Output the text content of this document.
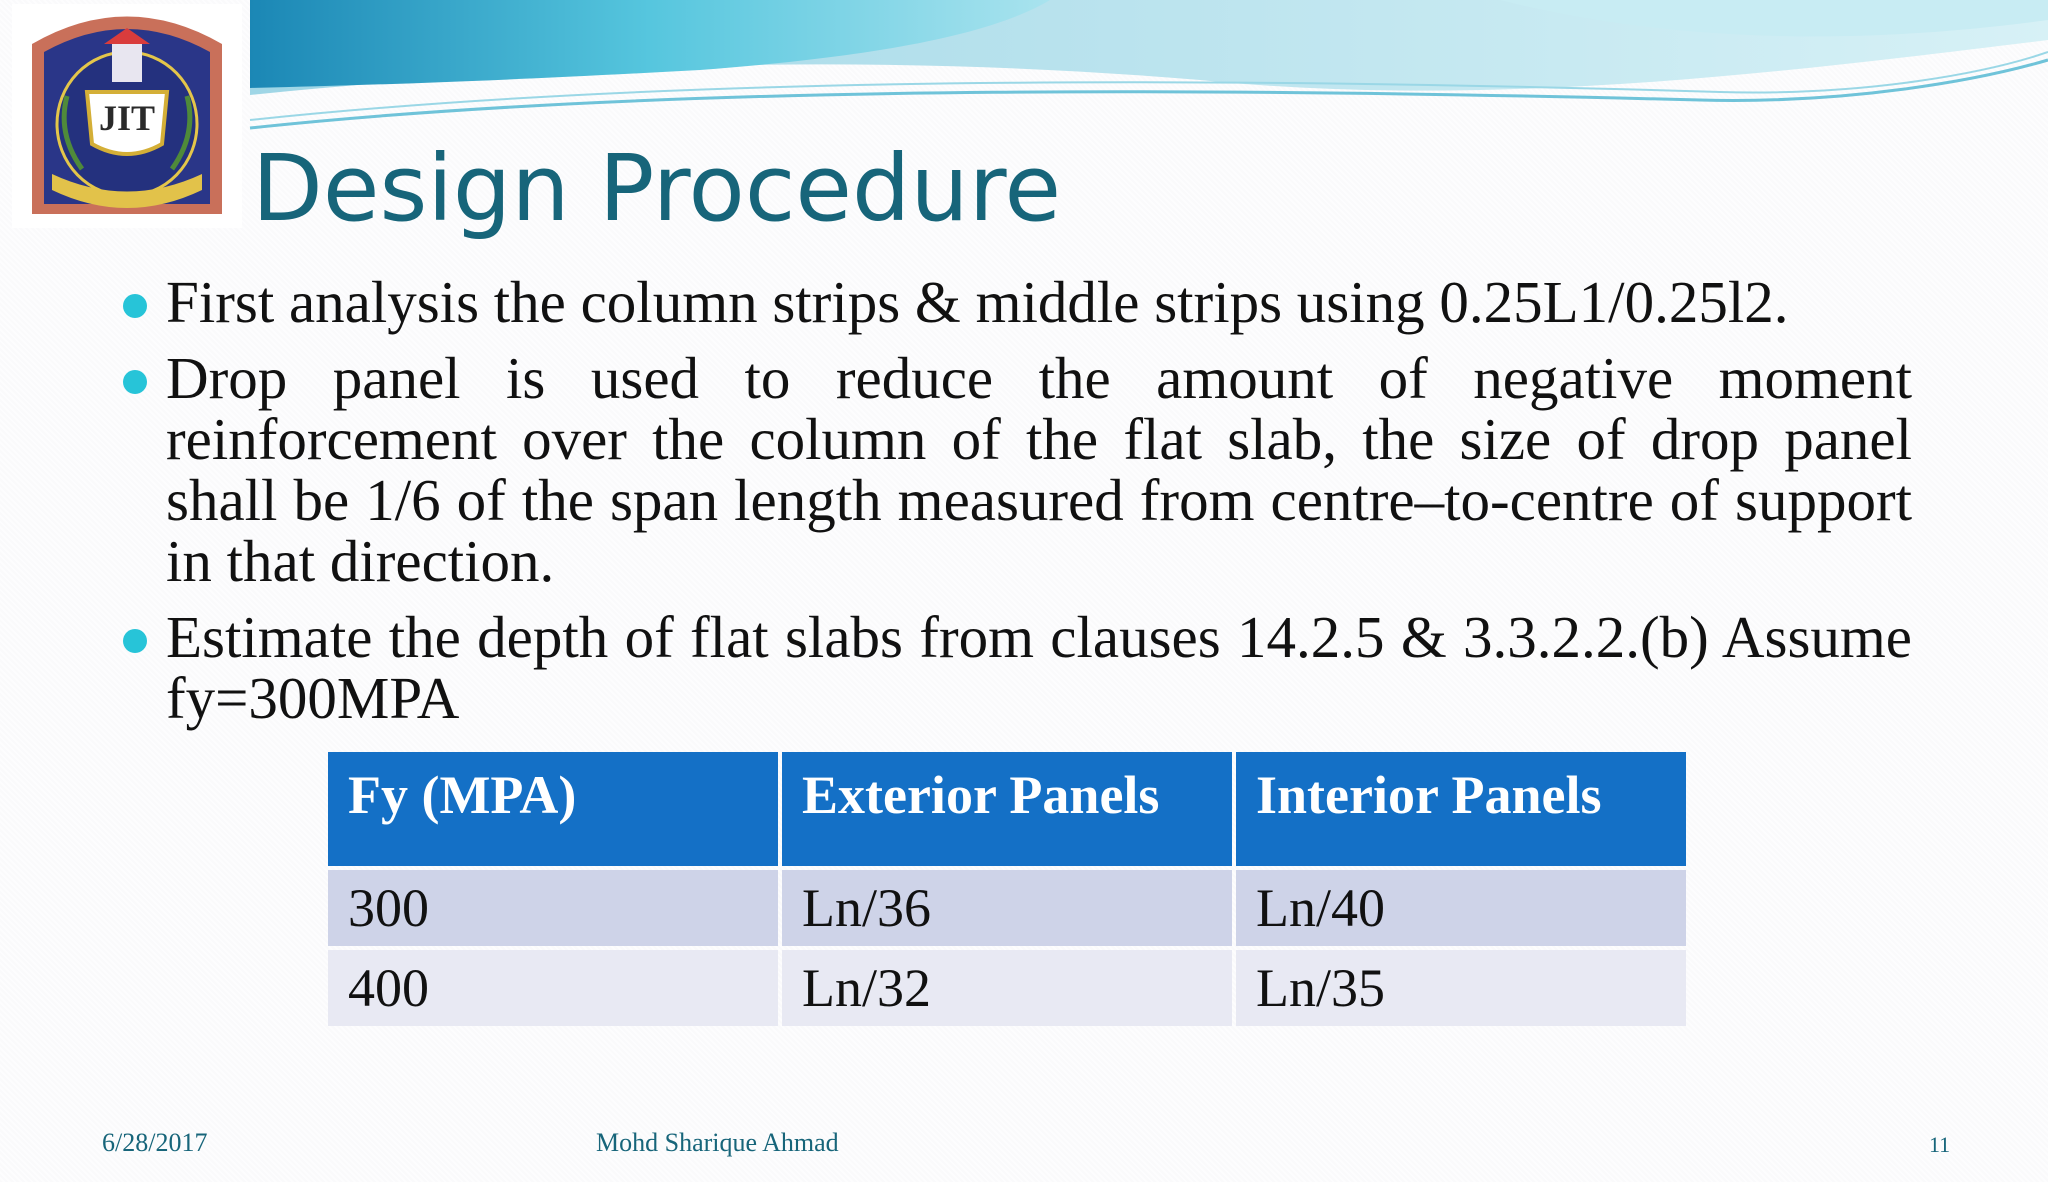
JIT
Design Procedure
First analysis the column strips & middle strips using 0.25L1/0.25l2.
Drop panel is used to reduce the amount of negative moment reinforcement over the column of the flat slab, the size of drop panel shall be 1/6 of the span length measured from centre–to-centre of support in that direction.
Estimate the depth of flat slabs from clauses 14.2.5 & 3.3.2.2.(b) Assume fy=300MPA
Fy (MPA)	Exterior Panels	Interior Panels
300	Ln/36	Ln/40
400	Ln/32	Ln/35
6/28/2017	Mohd Sharique Ahmad	11
